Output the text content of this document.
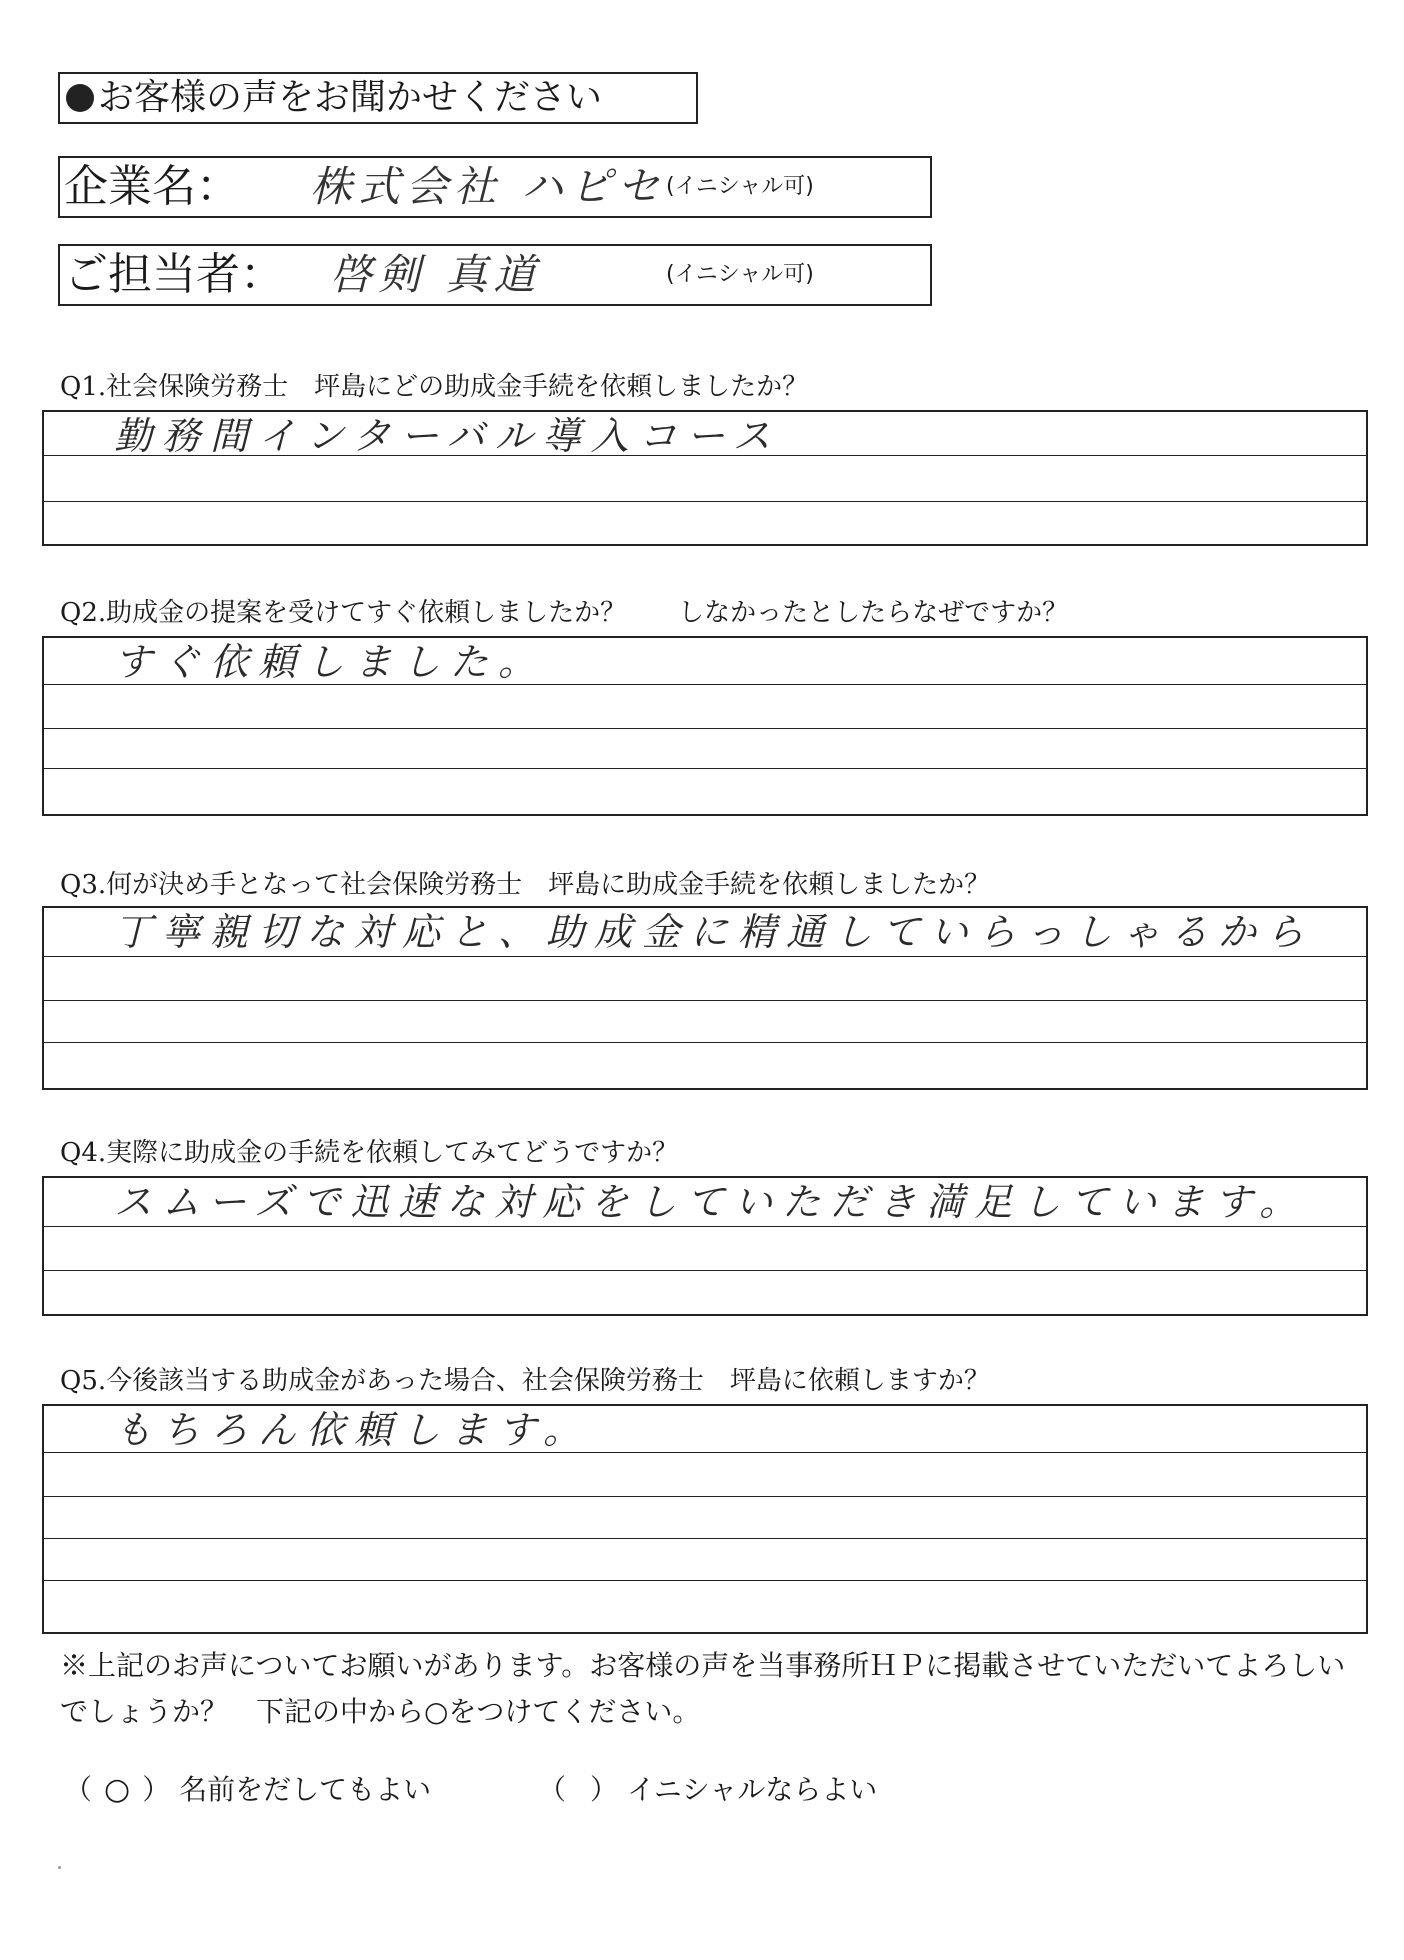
お客様の声をお聞かせください
企業名： 株式会社 ハピセ (イニシャル可)
ご担当者： 啓剣 真道	(イニシャル可)
Q1.社会保険労務士　坪島にどの助成金手続を依頼しましたか？
勤務間インターバル導入コース
Q2.助成金の提案を受けてすぐ依頼しましたか？　　しなかったとしたらなぜですか？
すぐ依頼しました。
Q3.何が決め手となって社会保険労務士　坪島に助成金手続を依頼しましたか？
丁寧親切な対応と、助成金に精通していらっしゃるから
Q4.実際に助成金の手続を依頼してみてどうですか？
スムーズで迅速な対応をしていただき満足しています。
Q5.今後該当する助成金があった場合、社会保険労務士　坪島に依頼しますか？
もちろん依頼します。
※上記のお声についてお願いがあります。お客様の声を当事務所ＨＰに掲載させていただいてよろしいでしょうか？　下記の中から○をつけてください。
（ ○ ） 名前をだしてもよい	（ ） イニシャルならよい
